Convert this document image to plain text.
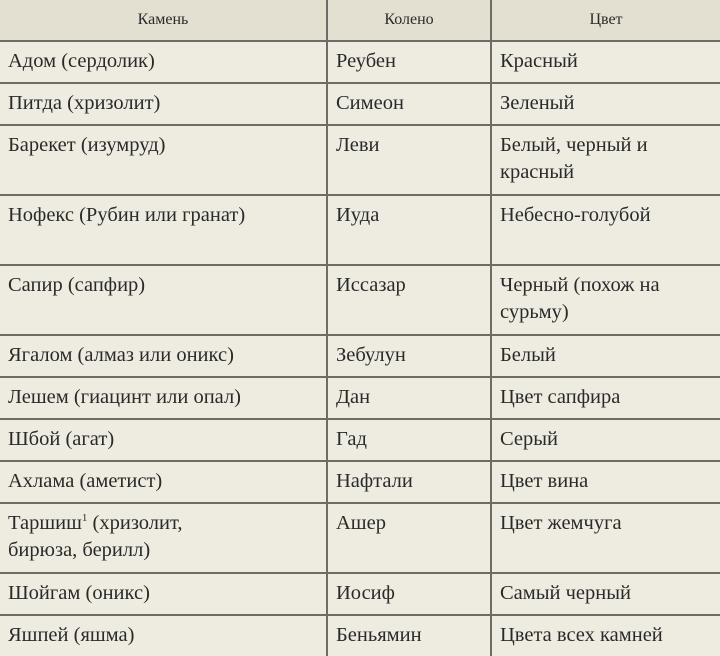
Камень	Колено	Цвет
Адом (сердолик)	Реубен	Красный
Питда (хризолит)	Симеон	Зеленый
Барекет (изумруд)	Леви	Белый, черный и красный
Нофекс (Рубин или гранат)	Иуда	Небесно-голубой
Сапир (сапфир)	Иссазар	Черный (похож на сурьму)
Ягалом (алмаз или оникс)	Зебулун	Белый
Лешем (гиацинт или опал)	Дан	Цвет сапфира
Шбой (агат)	Гад	Серый
Ахлама (аметист)	Нафтали	Цвет вина
Таршиш$^1$ (хризолит, бирюза, берилл)	Ашер	Цвет жемчуга
Шойгам (оникс)	Иосиф	Самый черный
Яшпей (яшма)	Беньямин	Цвета всех камней
